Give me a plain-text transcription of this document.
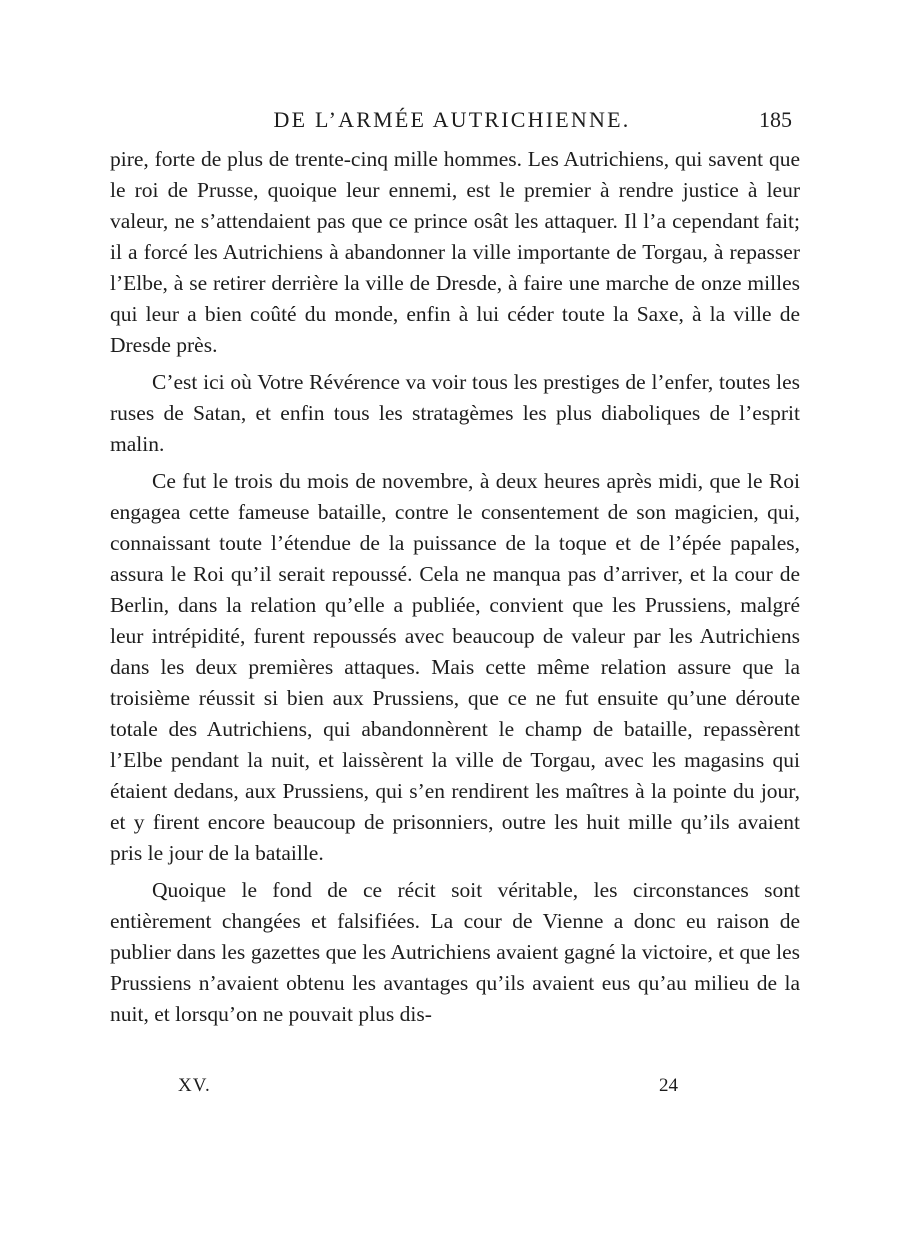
DE L’ARMÉE AUTRICHIENNE.	185

pire, forte de plus de trente-cinq mille hommes. Les Autrichiens, qui savent que le roi de Prusse, quoique leur ennemi, est le premier à rendre justice à leur valeur, ne s’attendaient pas que ce prince osât les attaquer. Il l’a cependant fait; il a forcé les Autrichiens à abandonner la ville importante de Torgau, à repasser l’Elbe, à se retirer derrière la ville de Dresde, à faire une marche de onze milles qui leur a bien coûté du monde, enfin à lui céder toute la Saxe, à la ville de Dresde près.

C’est ici où Votre Révérence va voir tous les prestiges de l’enfer, toutes les ruses de Satan, et enfin tous les stratagèmes les plus diaboliques de l’esprit malin.

Ce fut le trois du mois de novembre, à deux heures après midi, que le Roi engagea cette fameuse bataille, contre le consentement de son magicien, qui, connaissant toute l’étendue de la puissance de la toque et de l’épée papales, assura le Roi qu’il serait repoussé. Cela ne manqua pas d’arriver, et la cour de Berlin, dans la relation qu’elle a publiée, convient que les Prussiens, malgré leur intrépidité, furent repoussés avec beaucoup de valeur par les Autrichiens dans les deux premières attaques. Mais cette même relation assure que la troisième réussit si bien aux Prussiens, que ce ne fut ensuite qu’une déroute totale des Autrichiens, qui abandonnèrent le champ de bataille, repassèrent l’Elbe pendant la nuit, et laissèrent la ville de Torgau, avec les magasins qui étaient dedans, aux Prussiens, qui s’en rendirent les maîtres à la pointe du jour, et y firent encore beaucoup de prisonniers, outre les huit mille qu’ils avaient pris le jour de la bataille.

Quoique le fond de ce récit soit véritable, les circonstances sont entièrement changées et falsifiées. La cour de Vienne a donc eu raison de publier dans les gazettes que les Autrichiens avaient gagné la victoire, et que les Prussiens n’avaient obtenu les avantages qu’ils avaient eus qu’au milieu de la nuit, et lorsqu’on ne pouvait plus dis-

XV.	24
